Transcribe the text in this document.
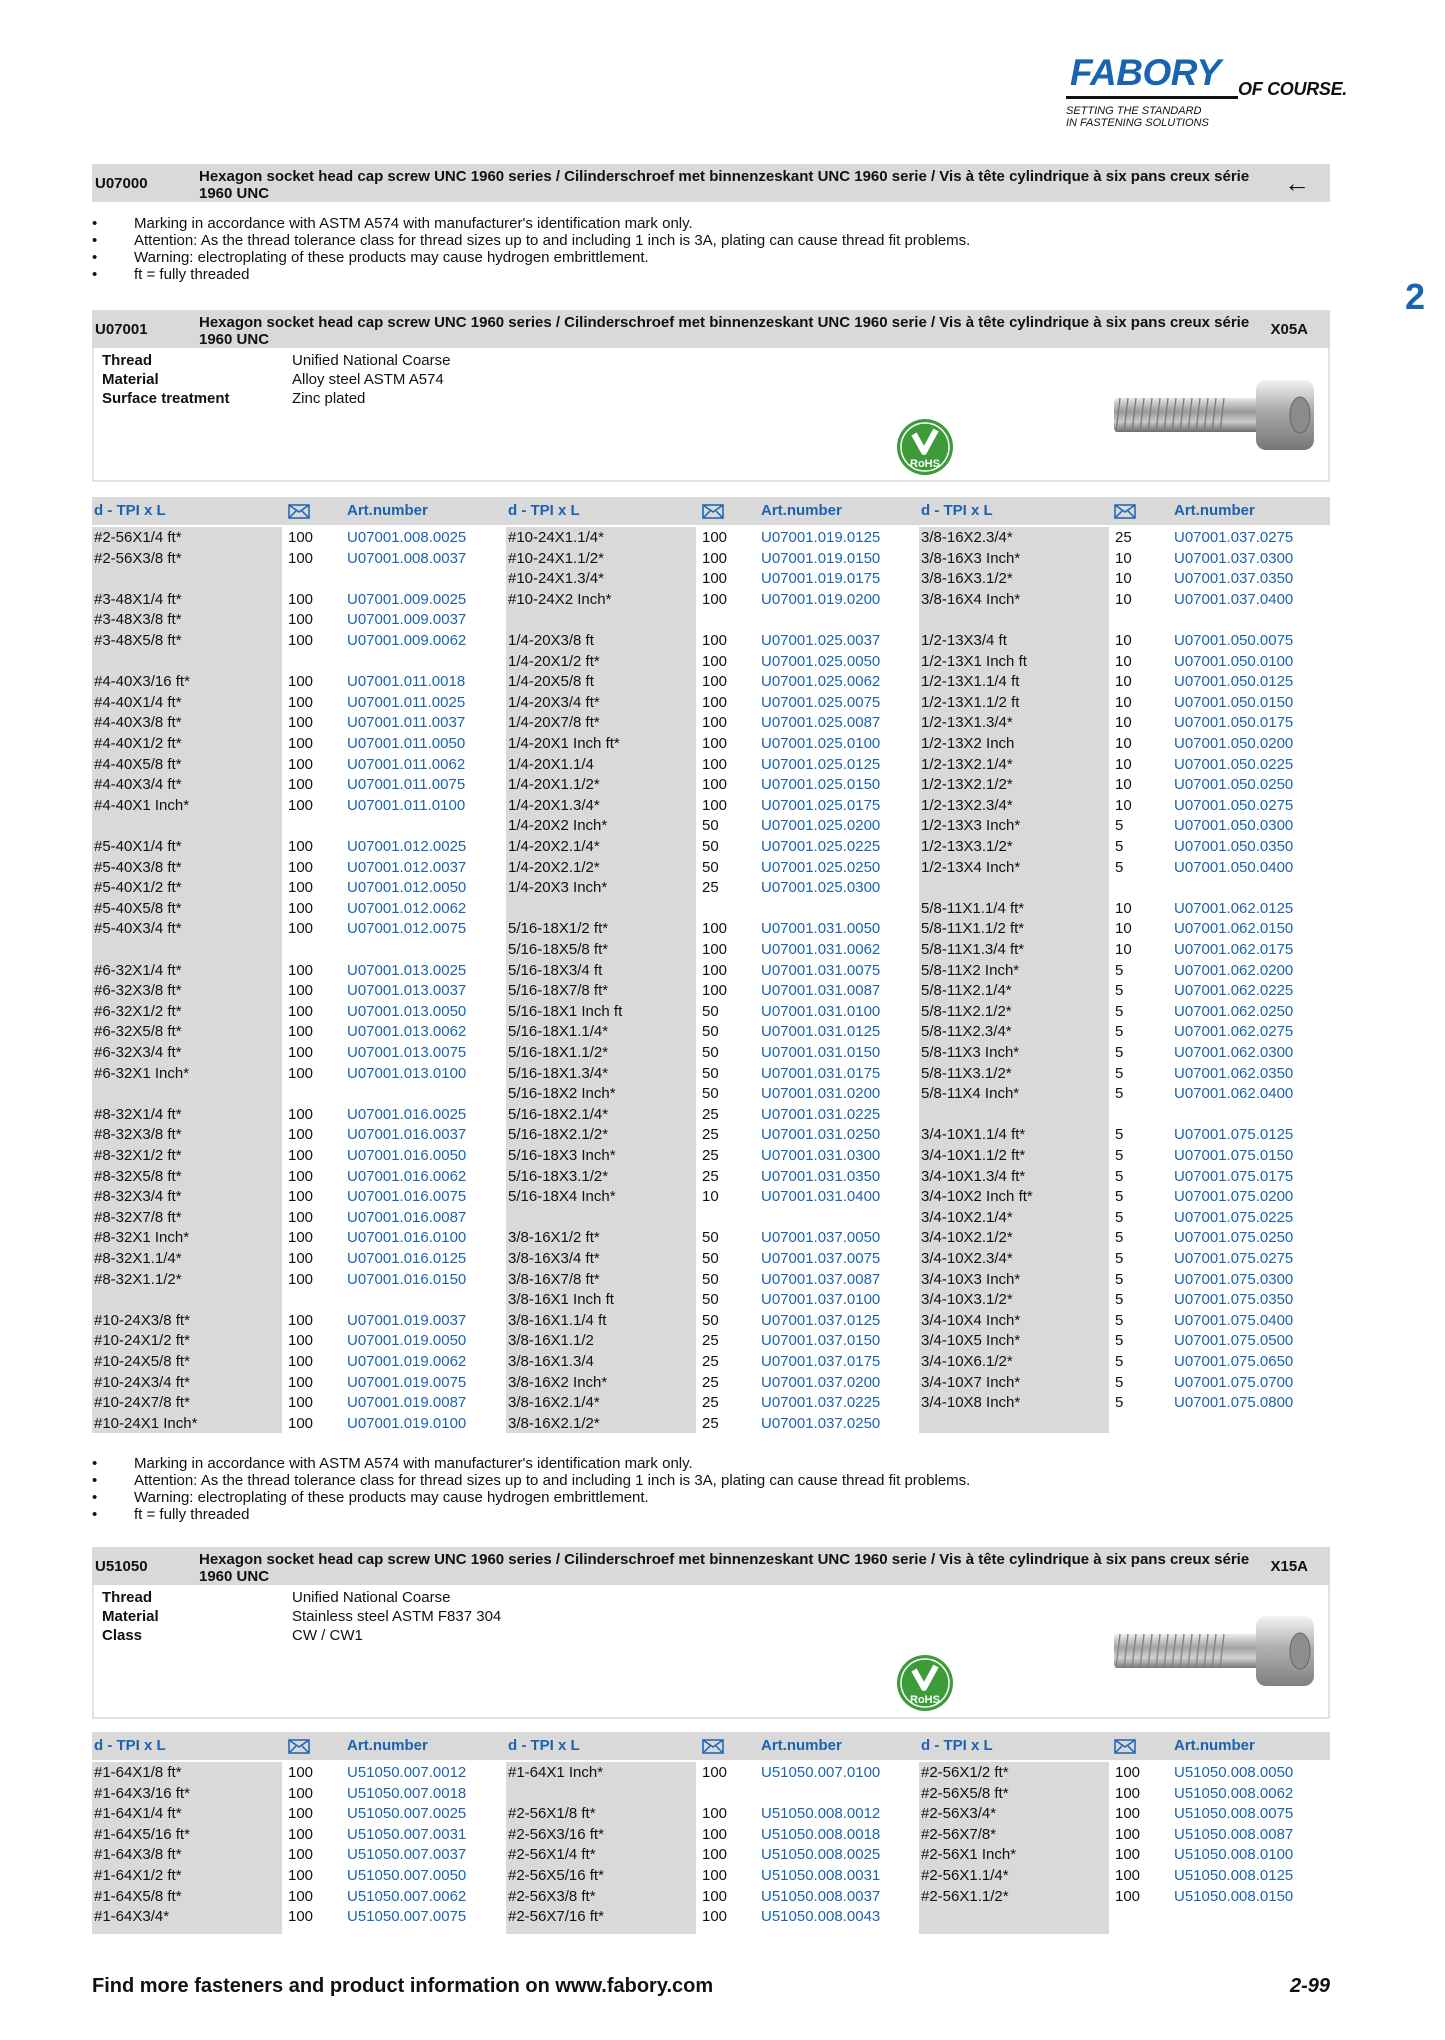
FABORY OF COURSE.
SETTING THE STANDARD
IN FASTENING SOLUTIONS
2
U07000	Hexagon socket head cap screw UNC 1960 series / Cilinderschroef met binnenzeskant UNC 1960 serie / Vis à tête cylindrique à six pans creux série 1960 UNC	←
• Marking in accordance with ASTM A574 with manufacturer's identification mark only.
• Attention: As the thread tolerance class for thread sizes up to and including 1 inch is 3A, plating can cause thread fit problems.
• Warning: electroplating of these products may cause hydrogen embrittlement.
• ft = fully threaded
U07001	Hexagon socket head cap screw UNC 1960 series / Cilinderschroef met binnenzeskant UNC 1960 serie / Vis à tête cylindrique à six pans creux série 1960 UNC
X05A
Thread	Unified National Coarse
Material	Alloy steel ASTM A574
Surface treatment	Zinc plated
RoHS
d - TPI x L	Art.number	d - TPI x L	Art.number	d - TPI x L	Art.number
#2-56X1/4 ft*	100 U07001.008.0025
#2-56X3/8 ft*	100 U07001.008.0037
#3-48X1/4 ft*	100 U07001.009.0025
#3-48X3/8 ft*	100 U07001.009.0037
#3-48X5/8 ft*	100 U07001.009.0062
#4-40X3/16 ft*	100 U07001.011.0018
#4-40X1/4 ft*	100 U07001.011.0025
#4-40X3/8 ft*	100 U07001.011.0037
#4-40X1/2 ft*	100 U07001.011.0050
#4-40X5/8 ft*	100 U07001.011.0062
#4-40X3/4 ft*	100 U07001.011.0075
#4-40X1 Inch*	100 U07001.011.0100
#5-40X1/4 ft*	100 U07001.012.0025
#5-40X3/8 ft*	100 U07001.012.0037
#5-40X1/2 ft*	100 U07001.012.0050
#5-40X5/8 ft*	100 U07001.012.0062
#5-40X3/4 ft*	100 U07001.012.0075
#6-32X1/4 ft*	100 U07001.013.0025
#6-32X3/8 ft*	100 U07001.013.0037
#6-32X1/2 ft*	100 U07001.013.0050
#6-32X5/8 ft*	100 U07001.013.0062
#6-32X3/4 ft*	100 U07001.013.0075
#6-32X1 Inch*	100 U07001.013.0100
#8-32X1/4 ft*	100 U07001.016.0025
#8-32X3/8 ft*	100 U07001.016.0037
#8-32X1/2 ft*	100 U07001.016.0050
#8-32X5/8 ft*	100 U07001.016.0062
#8-32X3/4 ft*	100 U07001.016.0075
#8-32X7/8 ft*	100 U07001.016.0087
#8-32X1 Inch*	100 U07001.016.0100
#8-32X1.1/4*	100 U07001.016.0125
#8-32X1.1/2*	100 U07001.016.0150
#10-24X3/8 ft*	100 U07001.019.0037
#10-24X1/2 ft*	100 U07001.019.0050
#10-24X5/8 ft*	100 U07001.019.0062
#10-24X3/4 ft*	100 U07001.019.0075
#10-24X7/8 ft*	100 U07001.019.0087
#10-24X1 Inch*	100 U07001.019.0100
#10-24X1.1/4*	100 U07001.019.0125
#10-24X1.1/2*	100 U07001.019.0150
#10-24X1.3/4*	100 U07001.019.0175
#10-24X2 Inch*	100 U07001.019.0200
1/4-20X3/8 ft	100 U07001.025.0037
1/4-20X1/2 ft*	100 U07001.025.0050
1/4-20X5/8 ft	100 U07001.025.0062
1/4-20X3/4 ft*	100 U07001.025.0075
1/4-20X7/8 ft*	100 U07001.025.0087
1/4-20X1 Inch ft*	100 U07001.025.0100
1/4-20X1.1/4	100 U07001.025.0125
1/4-20X1.1/2*	100 U07001.025.0150
1/4-20X1.3/4*	100 U07001.025.0175
1/4-20X2 Inch*	50	U07001.025.0200
1/4-20X2.1/4*	50	U07001.025.0225
1/4-20X2.1/2*	50	U07001.025.0250
1/4-20X3 Inch*	25	U07001.025.0300
5/16-18X1/2 ft*	100 U07001.031.0050
5/16-18X5/8 ft*	100 U07001.031.0062
5/16-18X3/4 ft	100 U07001.031.0075
5/16-18X7/8 ft*	100 U07001.031.0087
5/16-18X1 Inch ft	50	U07001.031.0100
5/16-18X1.1/4*	50	U07001.031.0125
5/16-18X1.1/2*	50	U07001.031.0150
5/16-18X1.3/4*	50	U07001.031.0175
5/16-18X2 Inch*	50	U07001.031.0200
5/16-18X2.1/4*	25	U07001.031.0225
5/16-18X2.1/2*	25	U07001.031.0250
5/16-18X3 Inch*	25	U07001.031.0300
5/16-18X3.1/2*	25	U07001.031.0350
5/16-18X4 Inch*	10	U07001.031.0400
3/8-16X1/2 ft*	50	U07001.037.0050
3/8-16X3/4 ft*	50	U07001.037.0075
3/8-16X7/8 ft*	50	U07001.037.0087
3/8-16X1 Inch ft	50	U07001.037.0100
3/8-16X1.1/4 ft	50	U07001.037.0125
3/8-16X1.1/2	25	U07001.037.0150
3/8-16X1.3/4	25	U07001.037.0175
3/8-16X2 Inch*	25	U07001.037.0200
3/8-16X2.1/4*	25	U07001.037.0225
3/8-16X2.1/2*	25	U07001.037.0250
3/8-16X2.3/4*	25	U07001.037.0275
3/8-16X3 Inch*	10	U07001.037.0300
3/8-16X3.1/2*	10	U07001.037.0350
3/8-16X4 Inch*	10	U07001.037.0400
1/2-13X3/4 ft	10	U07001.050.0075
1/2-13X1 Inch ft	10	U07001.050.0100
1/2-13X1.1/4 ft	10	U07001.050.0125
1/2-13X1.1/2 ft	10	U07001.050.0150
1/2-13X1.3/4*	10	U07001.050.0175
1/2-13X2 Inch	10	U07001.050.0200
1/2-13X2.1/4*	10	U07001.050.0225
1/2-13X2.1/2*	10	U07001.050.0250
1/2-13X2.3/4*	10	U07001.050.0275
1/2-13X3 Inch*	5	U07001.050.0300
1/2-13X3.1/2*	5	U07001.050.0350
1/2-13X4 Inch*	5	U07001.050.0400
5/8-11X1.1/4 ft*	10	U07001.062.0125
5/8-11X1.1/2 ft*	10	U07001.062.0150
5/8-11X1.3/4 ft*	10	U07001.062.0175
5/8-11X2 Inch*	5	U07001.062.0200
5/8-11X2.1/4*	5	U07001.062.0225
5/8-11X2.1/2*	5	U07001.062.0250
5/8-11X2.3/4*	5	U07001.062.0275
5/8-11X3 Inch*	5	U07001.062.0300
5/8-11X3.1/2*	5	U07001.062.0350
5/8-11X4 Inch*	5	U07001.062.0400
3/4-10X1.1/4 ft*	5	U07001.075.0125
3/4-10X1.1/2 ft*	5	U07001.075.0150
3/4-10X1.3/4 ft*	5	U07001.075.0175
3/4-10X2 Inch ft*	5	U07001.075.0200
3/4-10X2.1/4*	5	U07001.075.0225
3/4-10X2.1/2*	5	U07001.075.0250
3/4-10X2.3/4*	5	U07001.075.0275
3/4-10X3 Inch*	5	U07001.075.0300
3/4-10X3.1/2*	5	U07001.075.0350
3/4-10X4 Inch*	5	U07001.075.0400
3/4-10X5 Inch*	5	U07001.075.0500
3/4-10X6.1/2*	5	U07001.075.0650
3/4-10X7 Inch*	5	U07001.075.0700
3/4-10X8 Inch*	5	U07001.075.0800
• Marking in accordance with ASTM A574 with manufacturer's identification mark only.
• Attention: As the thread tolerance class for thread sizes up to and including 1 inch is 3A, plating can cause thread fit problems.
• Warning: electroplating of these products may cause hydrogen embrittlement.
• ft = fully threaded
U51050	Hexagon socket head cap screw UNC 1960 series / Cilinderschroef met binnenzeskant UNC 1960 serie / Vis à tête cylindrique à six pans creux série 1960 UNC
X15A
Thread	Unified National Coarse
Material	Stainless steel ASTM F837 304
Class	CW / CW1
RoHS
d - TPI x L	Art.number	d - TPI x L	Art.number	d - TPI x L	Art.number
#1-64X1/8 ft*	100 U51050.007.0012
#1-64X3/16 ft*	100 U51050.007.0018
#1-64X1/4 ft*	100 U51050.007.0025
#1-64X5/16 ft*	100 U51050.007.0031
#1-64X3/8 ft*	100 U51050.007.0037
#1-64X1/2 ft*	100 U51050.007.0050
#1-64X5/8 ft*	100 U51050.007.0062
#1-64X3/4*	100 U51050.007.0075
#1-64X1 Inch*	100 U51050.007.0100
#2-56X1/8 ft*	100 U51050.008.0012
#2-56X3/16 ft*	100 U51050.008.0018
#2-56X1/4 ft*	100 U51050.008.0025
#2-56X5/16 ft*	100 U51050.008.0031
#2-56X3/8 ft*	100 U51050.008.0037
#2-56X7/16 ft*	100 U51050.008.0043
#2-56X1/2 ft*	100 U51050.008.0050
#2-56X5/8 ft*	100 U51050.008.0062
#2-56X3/4*	100 U51050.008.0075
#2-56X7/8*	100 U51050.008.0087
#2-56X1 Inch*	100 U51050.008.0100
#2-56X1.1/4*	100 U51050.008.0125
#2-56X1.1/2*	100 U51050.008.0150
Find more fasteners and product information on www.fabory.com	2-99
